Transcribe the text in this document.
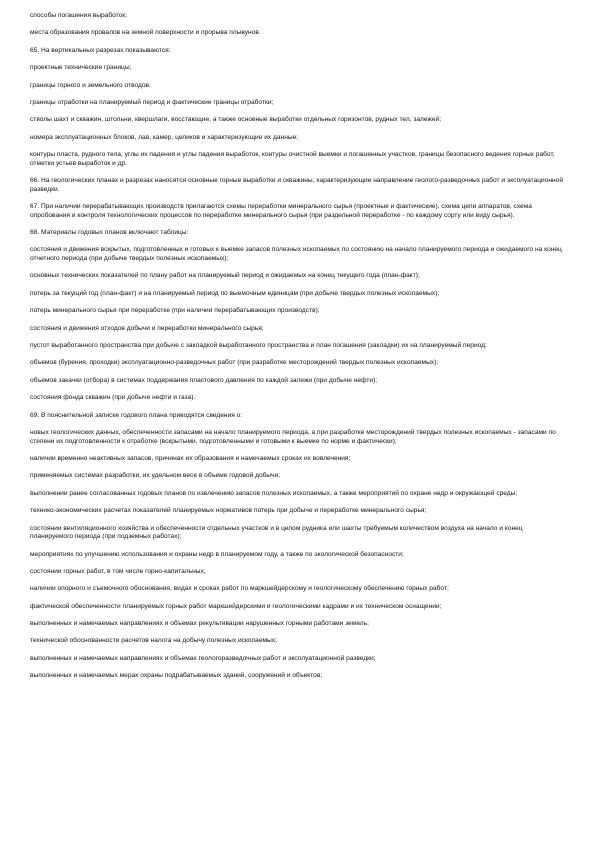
способы погашения выработок;

места образования провалов на земной поверхности и прорыва плывунов.

65. На вертикальных разрезах показываются:

проектные технические границы;

границы горного и земельного отводов;

границы отработки на планируемый период и фактические границы отработки;

стволы шахт и скважин, штольни, квершлаги, восстающие, а также основные выработки отдельных горизонтов, рудных тел, залежей;

номера эксплуатационных блоков, лав, камер, целиков и характеризующие их данные;

контуры пласта, рудного тела, углы их падения и углы падения выработок, контуры очистной выемки и погашенных участков, границы безопасного ведения горных работ, отметки устьев выработок и др.

66. На геологических планах и разрезах наносятся основные горные выработки и скважины, характеризующие направление геолого-разведочных работ и эксплуатационной разведки.

67. При наличии перерабатывающих производств прилагаются схемы переработки минерального сырья (проектные и фактические), схема цепи аппаратов, схема опробования и контроля технологических процессов по переработке минерального сырья (при раздельной переработке - по каждому сорту или виду сырья).

68. Материалы годовых планов включают таблицы:

состояния и движения вскрытых, подготовленных и готовых к выемке запасов полезных ископаемых по состоянию на начало планируемого периода и ожидаемого на конец отчетного периода (при добыче твердых полезных ископаемых);

основных технических показателей по плану работ на планируемый период и ожидаемых на конец текущего года (план-факт);

потерь за текущий год (план-факт) и на планируемый период по выемочным единицам (при добыче твердых полезных ископаемых);

потерь минерального сырья при переработке (при наличии перерабатывающих производств);

состояния и движения отходов добычи и переработки минерального сырья;

пустот выработанного пространства при добыче с закладкой выработанного пространства и план погашения (закладки) их на планируемый период;

объемов (бурения, проходки) эксплуатационно-разведочных работ (при разработке месторождений твердых полезных ископаемых);

объемов закачки (отбора) в системах поддержания пластового давления по каждой залежи (при добыче нефти);

состояния фонда скважин (при добыче нефти и газа).

69. В пояснительной записке годового плана приводятся сведения о:

новых геологических данных, обеспеченности запасами на начало планируемого периода, а при разработке месторождений твердых полезных ископаемых - запасами по степени их подготовленности к отработке (вскрытыми, подготовленными и готовыми к выемке по норме и фактически);

наличии временно неактивных запасов, причинах их образования и намечаемых сроках их вовлечения;

применяемых системах разработки, их удельном весе в объеме годовой добычи;

выполнении ранее согласованных годовых планов по извлечению запасов полезных ископаемых, а также мероприятий по охране недр и окружающей среды;

технико-экономических расчетах показателей планируемых нормативов потерь при добыче и переработке минерального сырья;

состоянии вентиляционного хозяйства и обеспеченности отдельных участков и в целом рудника или шахты требуемым количеством воздуха на начало и конец планируемого периода (при подземных работах);

мероприятиях по улучшению использования и охраны недр в планируемом году, а также по экологической безопасности;

состоянии горных работ, в том числе горно-капитальных;

наличии опорного и съемочного обоснования, видах и сроках работ по маркшейдерскому и геологическому обеспечению горных работ;

фактической обеспеченности планируемых горных работ маркшейдерскими и геологическими кадрами и их техническом оснащении;

выполненных и намечаемых направлениях и объемах рекультивации нарушенных горными работами земель;

технической обоснованности расчетов налога на добычу полезных ископаемых;

выполненных и намечаемых направлениях и объемах геологоразведочных работ и эксплуатационной разведки;

выполненных и намечаемых мерах охраны подрабатываемых зданий, сооружений и объектов;
